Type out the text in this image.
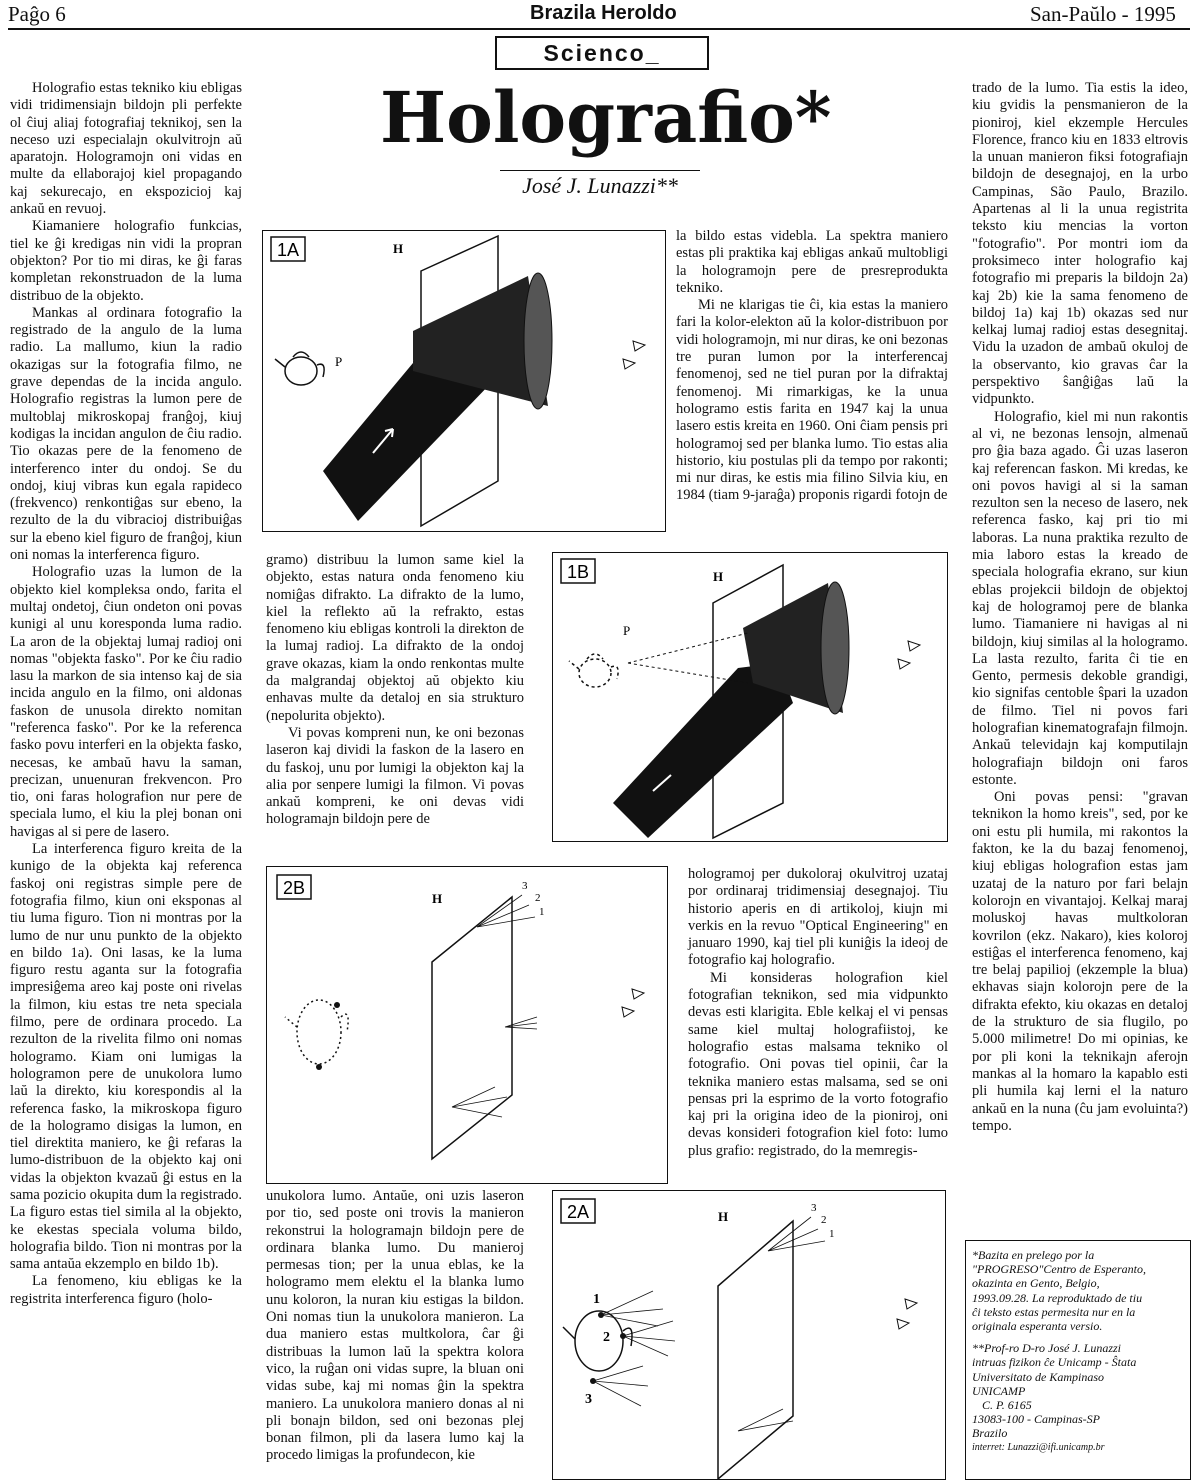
Paĝo 6	Brazila Heroldo	San-Paŭlo - 1995
Scienco_
Holografio*
José J. Lunazzi**

Holografio estas tekniko kiu ebligas vidi tridimensiajn bildojn pli perfekte ol ĉiuj aliaj fotografiaj teknikoj, sen la neceso uzi especialajn okulvitrojn aŭ aparatojn. Hologramojn oni vidas en multe da ellaborajoj kiel propagando kaj sekurecajo, en ekspozicioj kaj ankaŭ en revuoj.

Kiamaniere holografio funkcias, tiel ke ĝi kredigas nin vidi la propran objekton? Por tio mi diras, ke ĝi faras kompletan rekonstruadon de la luma distribuo de la objekto.

Mankas al ordinara fotografio la registrado de la angulo de la luma radio. La mallumo, kiun la radio okazigas sur la fotografia filmo, ne grave dependas de la incida angulo. Holografio registras la lumon pere de multoblaj mikroskopaj franĝoj, kiuj kodigas la incidan angulon de ĉiu radio. Tio okazas pere de la fenomeno de interferenco inter du ondoj. Se du ondoj, kiuj vibras kun egala rapideco (frekvenco) renkontiĝas sur ebeno, la rezulto de la du vibracioj distribuiĝas sur la ebeno kiel figuro de franĝoj, kiun oni nomas la interferenca figuro.

Holografio uzas la lumon de la objekto kiel kompleksa ondo, farita el multaj ondetoj, ĉiun ondeton oni povas kunigi al unu koresponda luma radio. La aron de la objektaj lumaj radioj oni nomas "objekta fasko". Por ke ĉiu radio lasu la markon de sia intenso kaj de sia incida angulo en la filmo, oni aldonas faskon de unusola direkto nomitan "referenca fasko". Por ke la referenca fasko povu interferi en la objekta fasko, necesas, ke ambaŭ havu la saman, precizan, unuenuran frekvencon. Pro tio, oni faras holografion nur pere de speciala lumo, el kiu la plej bonan oni havigas al si pere de lasero.

La interferenca figuro kreita de la kunigo de la objekta kaj referenca faskoj oni registras simple pere de fotografia filmo, kiun oni eksponas al tiu luma figuro. Tion ni montras por la lumo de nur unu punkto de la objekto en bildo 1a). Oni lasas, ke la luma figuro restu aganta sur la fotografia impresiĝema areo kaj poste oni rivelas la filmon, kiu estas tre neta speciala filmo, pere de ordinara procedo. La rezulton de la rivelita filmo oni nomas hologramo. Kiam oni lumigas la hologramon pere de unukolora lumo laŭ la direkto, kiu korespondis al la referenca fasko, la mikroskopa figuro de la hologramo disigas la lumon, en tiel direktita maniero, ke ĝi refaras la lumo-distribuon de la objekto kaj oni vidas la objekton kvazaŭ ĝi estus en la sama pozicio okupita dum la registrado. La figuro estas tiel simila al la objekto, ke ekestas speciala voluma bildo, holografia bildo. Tion ni montras por la sama antaŭa ekzemplo en bildo 1b).

La fenomeno, kiu ebligas ke la registrita interferenca figuro (holo-

gramo) distribuu la lumon same kiel la objekto, estas natura onda fenomeno kiu nomiĝas difrakto. La difrakto de la lumo, kiel la reflekto aŭ la refrakto, estas fenomeno kiu ebligas kontroli la direkton de la lumaj radioj. La difrakto de la ondoj grave okazas, kiam la ondo renkontas multe da malgrandaj objektoj aŭ objekto kiu enhavas multe da detaloj en sia strukturo (nepolurita objekto).

Vi povas kompreni nun, ke oni bezonas laseron kaj dividi la faskon de la lasero en du faskoj, unu por lumigi la objekton kaj la alia por senpere lumigi la filmon. Vi povas ankaŭ kompreni, ke oni devas vidi hologramajn bildojn pere de

unukolora lumo. Antaŭe, oni uzis laseron por tio, sed poste oni trovis la manieron rekonstrui la hologramajn bildojn pere de ordinara blanka lumo. Du manieroj permesas tion; per la unua eblas, ke la hologramo mem elektu el la blanka lumo unu koloron, la nuran kiu estigas la bildon. Oni nomas tiun la unukolora manieron. La dua maniero estas multkolora, ĉar ĝi distribuas la lumon laŭ la spektra kolora vico, la ruĝan oni vidas supre, la bluan oni vidas sube, kaj mi nomas ĝin la spektra maniero. La unukolora maniero donas al ni pli bonajn bildon, sed oni bezonas plej bonan filmon, pli da lasera lumo kaj la procedo limigas la profundecon, kie

la bildo estas videbla. La spektra maniero estas pli praktika kaj ebligas ankaŭ multobligi la hologramojn pere de presreprodukta tekniko.

Mi ne klarigas tie ĉi, kia estas la maniero fari la kolor-elekton aŭ la kolor-distribuon por vidi hologramojn, mi nur diras, ke oni bezonas tre puran lumon por la interferencaj fenomenoj, sed ne tiel puran por la difraktaj fenomenoj. Mi rimarkigas, ke la unua hologramo estis farita en 1947 kaj la unua lasero estis kreita en 1960. Oni ĉiam pensis pri hologramoj sed per blanka lumo. Tio estas alia historio, kiu postulas pli da tempo por rakonti; mi nur diras, ke estis mia filino Silvia kiu, en 1984 (tiam 9-jaraĝa) proponis rigardi fotojn de

hologramoj per dukoloraj okulvitroj uzataj por ordinaraj tridimensiaj desegnajoj. Tiu historio aperis en di artikoloj, kiujn mi verkis en la revuo "Optical Engineering" en januaro 1990, kaj tiel pli kuniĝis la ideoj de fotografio kaj holografio.

Mi konsideras holografion kiel fotografian teknikon, sed mia vidpunkto devas esti klarigita. Eble kelkaj el vi pensas same kiel multaj holografiistoj, ke holografio estas malsama tekniko ol fotografio. Oni povas tiel opinii, ĉar la teknika maniero estas malsama, sed se oni pensas pri la esprimo de la vorto fotografio kaj pri la origina ideo de la pioniroj, oni devas konsideri fotografion kiel foto: lumo plus grafio: registrado, do la memregis-

trado de la lumo. Tia estis la ideo, kiu gvidis la pensmanieron de la pioniroj, kiel ekzemple Hercules Florence, franco kiu en 1833 eltrovis la unuan manieron fiksi fotografiajn bildojn de desegnajoj, en la urbo Campinas, São Paulo, Brazilo. Apartenas al li la unua registrita teksto kiu mencias la vorton "fotografio". Por montri iom da proksimeco inter holografio kaj fotografio mi preparis la bildojn 2a) kaj 2b) kie la sama fenomeno de bildoj 1a) kaj 1b) okazas sed nur kelkaj lumaj radioj estas desegnitaj. Vidu la uzadon de ambaŭ okuloj de la observanto, kio gravas ĉar la perspektivo ŝanĝiĝas laŭ la vidpunkto.

Holografio, kiel mi nun rakontis al vi, ne bezonas lensojn, almenaŭ pro ĝia baza agado. Ĝi uzas laseron kaj referencan faskon. Mi kredas, ke oni povos havigi al si la saman rezulton sen la neceso de lasero, nek referenca fasko, kaj pri tio mi laboras. La nuna praktika rezulto de mia laboro estas la kreado de speciala holografia ekrano, sur kiun eblas projekcii bildojn de objektoj kaj de hologramoj pere de blanka lumo. Tiamaniere ni havigas al ni bildojn, kiuj similas al la hologramo. La lasta rezulto, farita ĉi tie en Gento, permesis dekoble grandigi, kio signifas centoble ŝpari la uzadon de filmo. Tiel ni povos fari holografian kinematografajn filmojn. Ankaŭ televidajn kaj komputilajn holografiajn bildojn oni faros estonte.

Oni povas pensi: "gravan teknikon la homo kreis", sed, por ke oni estu pli humila, mi rakontos la fakton, ke la du bazaj fenomenoj, kiuj ebligas holografion estas jam uzataj de la naturo por fari belajn kolorojn en vivantajoj. Kelkaj maraj moluskoj havas multkoloran kovrilon (ekz. Nakaro), kies koloroj estiĝas el interferenca fenomeno, kaj tre belaj papilioj (ekzemple la blua) ekhavas siajn kolorojn pere de la difrakta efekto, kiu okazas en detaloj de la strukturo de sia flugilo, po 5.000 milimetre! Do mi opinias, ke por pli koni la teknikajn aferojn mankas al la homaro la kapablo esti pli humila kaj lerni el la naturo ankaŭ en la nuna (ĉu jam evoluinta?) tempo.

*Bazita en prelego por la
"PROGRESO"Centro de Esperanto,
okazinta en Gento, Belgio,
1993.09.28. La reproduktado de tiu
ĉi teksto estas permesita nur en la
originala esperanta versio.
**Prof-ro D-ro José J. Lunazzi
intruas fizikon ĉe Unicamp - Ŝtata
Universitato de Kampinaso
UNICAMP
C. P. 6165
13083-100 - Campinas-SP
Brazilo
interret: Lunazzi@ifi.unicamp.br
1A	H
P
1B	H
P
2B
H
3
2
1
2A	H
3
2
1
1
2
3
